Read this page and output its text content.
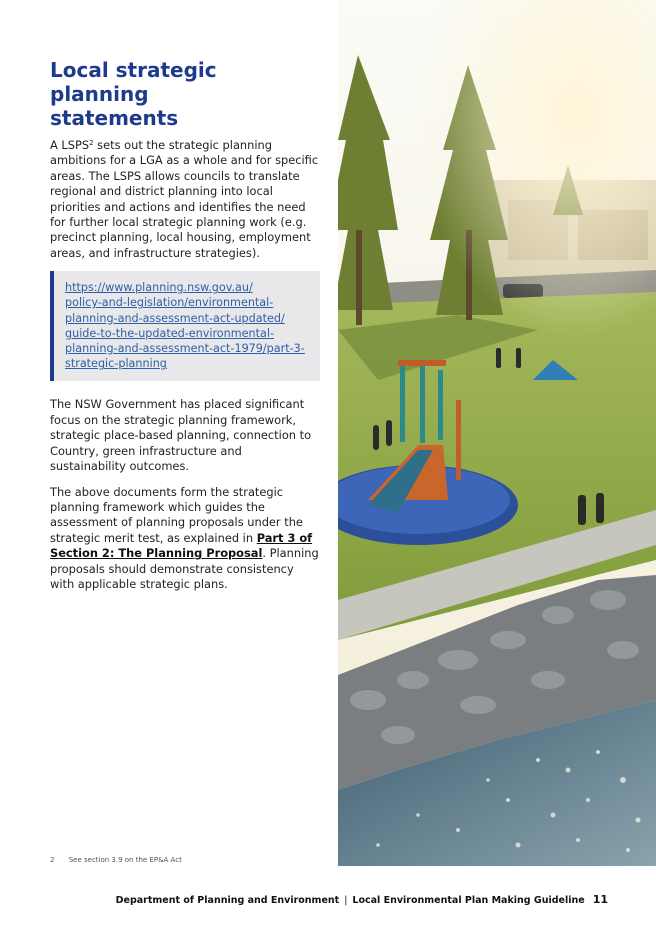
Local strategic planning
statements

A LSPS$^2$ sets out the strategic planning ambitions for a LGA as a whole and for specific areas. The LSPS allows councils to translate regional and district planning into local priorities and actions and identifies the need for further local strategic planning work (e.g. precinct planning, local housing, employment areas, and infrastructure strategies).

https://www.planning.nsw.gov.au/
policy-and-legislation/environmental-
planning-and-assessment-act-updated/
guide-to-the-updated-environmental-
planning-and-assessment-act-1979/part-3-
strategic-planning

The NSW Government has placed significant focus on the strategic planning framework, strategic place-based planning, connection to Country, green infrastructure and sustainability outcomes.

The above documents form the strategic planning framework which guides the assessment of planning proposals under the strategic merit test, as explained in Part 3 of Section 2: The Planning Proposal. Planning proposals should demonstrate consistency with applicable strategic plans.

2 See section 3.9 on the EP&A Act
Department of Planning and Environment | Local Environmental Plan Making Guideline 11
